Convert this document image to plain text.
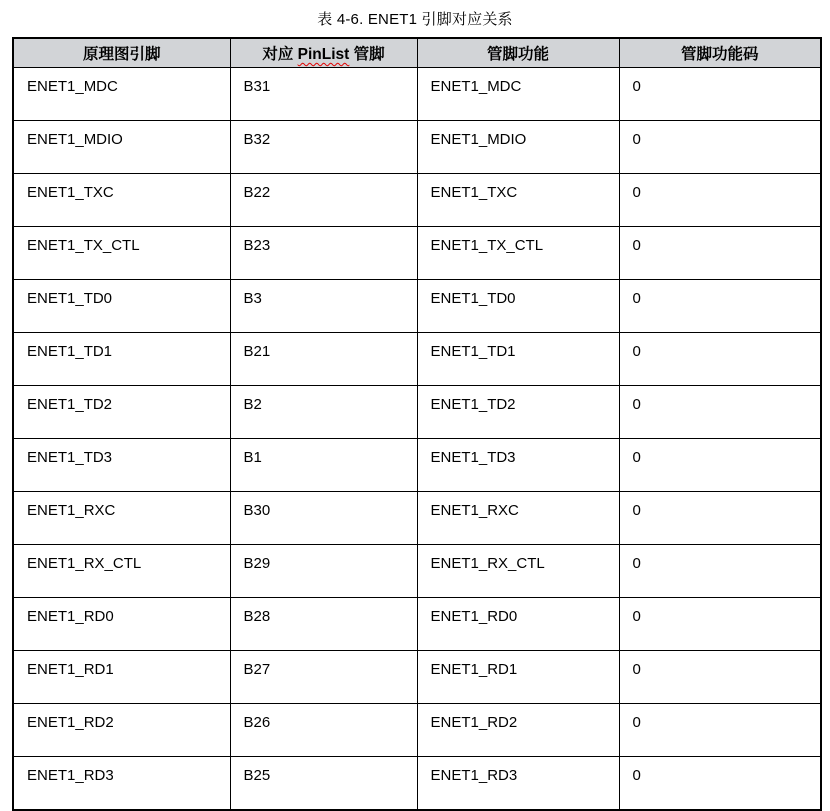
表 4-6. ENET1 引脚对应关系
原理图引脚	对应 PinList 管脚	管脚功能	管脚功能码
ENET1_MDC	B31	ENET1_MDC	0
ENET1_MDIO	B32	ENET1_MDIO	0
ENET1_TXC	B22	ENET1_TXC	0
ENET1_TX_CTL	B23	ENET1_TX_CTL	0
ENET1_TD0	B3	ENET1_TD0	0
ENET1_TD1	B21	ENET1_TD1	0
ENET1_TD2	B2	ENET1_TD2	0
ENET1_TD3	B1	ENET1_TD3	0
ENET1_RXC	B30	ENET1_RXC	0
ENET1_RX_CTL	B29	ENET1_RX_CTL	0
ENET1_RD0	B28	ENET1_RD0	0
ENET1_RD1	B27	ENET1_RD1	0
ENET1_RD2	B26	ENET1_RD2	0
ENET1_RD3	B25	ENET1_RD3	0
